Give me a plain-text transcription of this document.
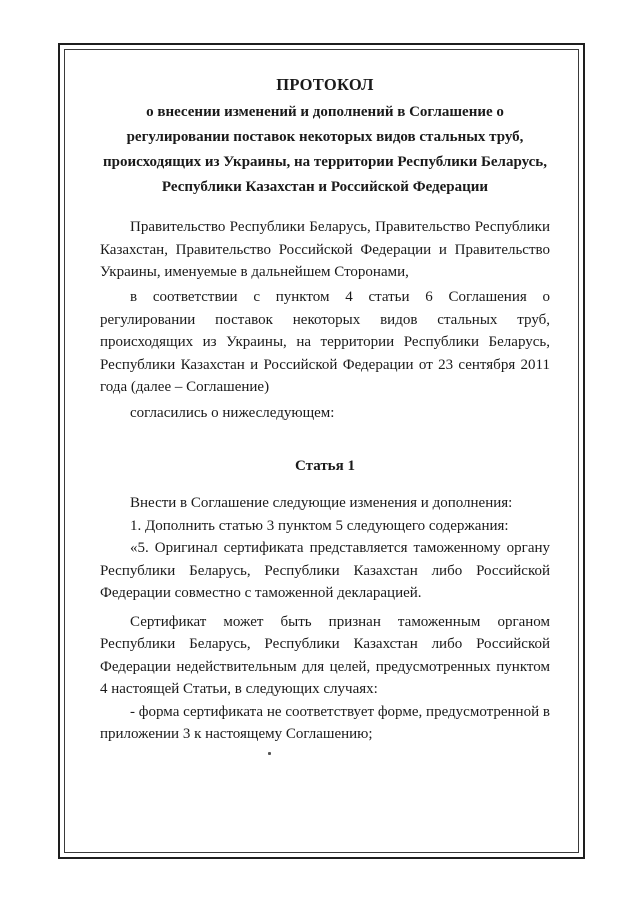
ПРОТОКОЛ

о внесении изменений и дополнений в Соглашение о

регулировании поставок некоторых видов стальных труб,

происходящих из Украины, на территории Республики Беларусь,

Республики Казахстан и Российской Федерации

Правительство Республики Беларусь, Правительство Республики Казахстан, Правительство Российской Федерации и Правительство Украины, именуемые в дальнейшем Сторонами,

в соответствии с пунктом 4 статьи 6 Соглашения о регулировании поставок некоторых видов стальных труб, происходящих из Украины, на территории Республики Беларусь, Республики Казахстан и Российской Федерации от 23 сентября 2011 года (далее – Соглашение)

согласились о нижеследующем:

Статья 1

Внести в Соглашение следующие изменения и дополнения:

1. Дополнить статью 3 пунктом 5 следующего содержания:

«5. Оригинал сертификата представляется таможенному органу Республики Беларусь, Республики Казахстан либо Российской Федерации совместно с таможенной декларацией.

Сертификат может быть признан таможенным органом Республики Беларусь, Республики Казахстан либо Российской Федерации недействительным для целей, предусмотренных пунктом 4 настоящей Статьи, в следующих случаях:

- форма сертификата не соответствует форме, предусмотренной в приложении 3 к настоящему Соглашению;
